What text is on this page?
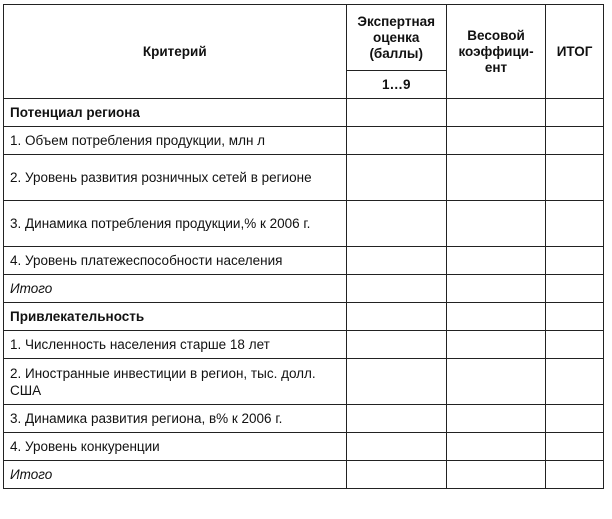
Критерий	Экспертная оценка (баллы)	Весовой коэффици-ент	ИТОГ
	1…9		
Потенциал региона			
1. Объем потребления продукции, млн л			
2. Уровень развития розничных сетей в регионе			
3. Динамика потребления продукции,% к 2006 г.			
4. Уровень платежеспособности населения			
Итого			
Привлекательность			
1. Численность населения старше 18 лет			
2. Иностранные инвестиции в регион, тыс. долл. США			
3. Динамика развития региона, в% к 2006 г.			
4. Уровень конкуренции			
Итого			
